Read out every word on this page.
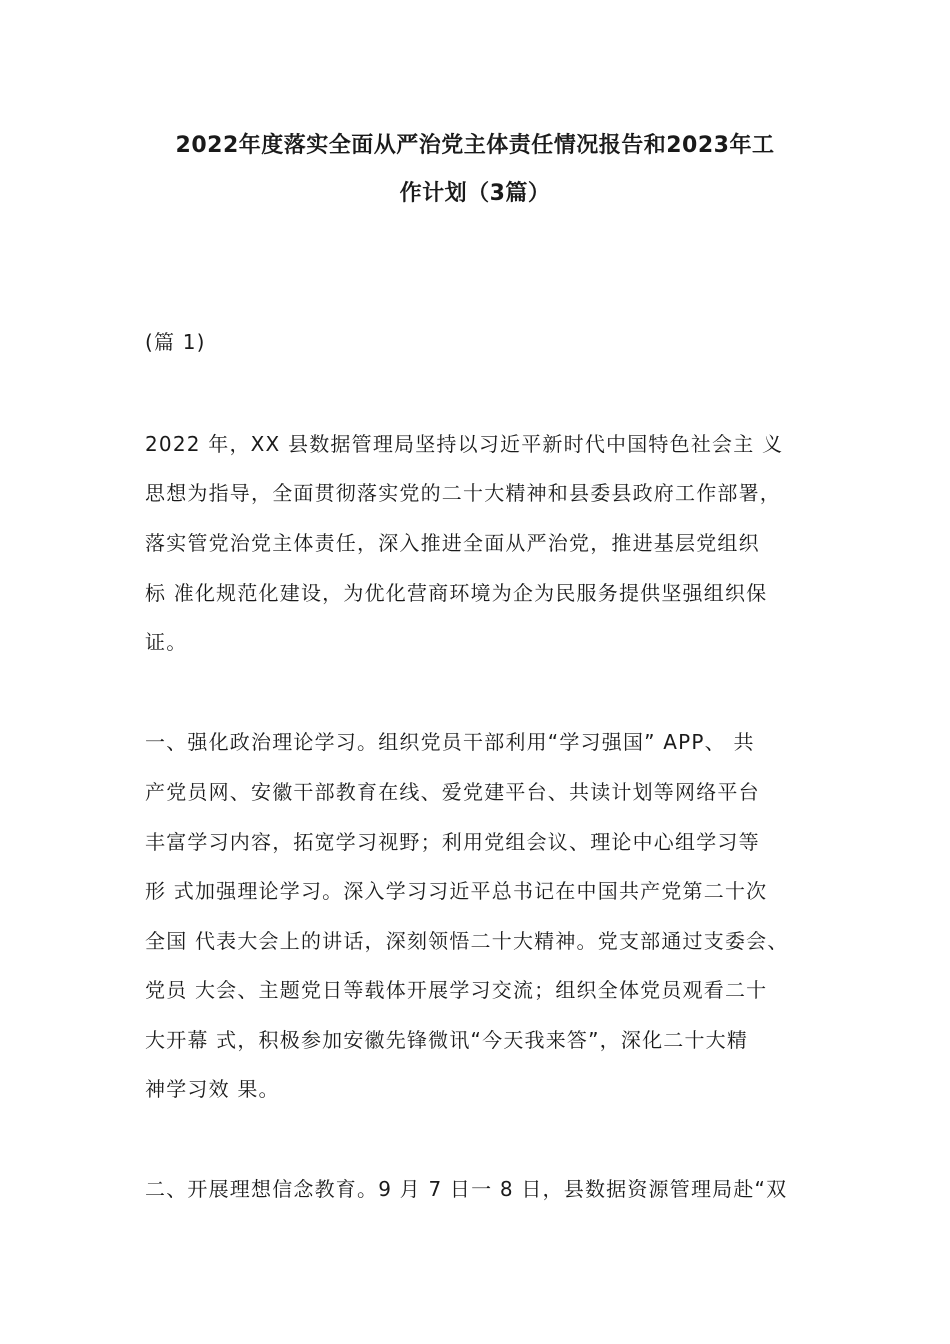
2022年度落实全面从严治党主体责任情况报告和2023年工
作计划（3篇）
(篇 1)
2022 年，XX 县数据管理局坚持以习近平新时代中国特色社会主 义
思想为指导，全面贯彻落实党的二十大精神和县委县政府工作部署，
落实管党治党主体责任，深入推进全面从严治党，推进基层党组织
标 准化规范化建设，为优化营商环境为企为民服务提供坚强组织保
证。
一、强化政治理论学习。组织党员干部利用“学习强国” APP、 共
产党员网、安徽干部教育在线、爱党建平台、共读计划等网络平台
丰富学习内容，拓宽学习视野；利用党组会议、理论中心组学习等
形 式加强理论学习。深入学习习近平总书记在中国共产党第二十次
全国 代表大会上的讲话，深刻领悟二十大精神。党支部通过支委会、
党员 大会、主题党日等载体开展学习交流；组织全体党员观看二十
大开幕 式，积极参加安徽先锋微讯“今天我来答”，深化二十大精
神学习效 果。
二、开展理想信念教育。9 月 7 日一 8 日，县数据资源管理局赴“双
